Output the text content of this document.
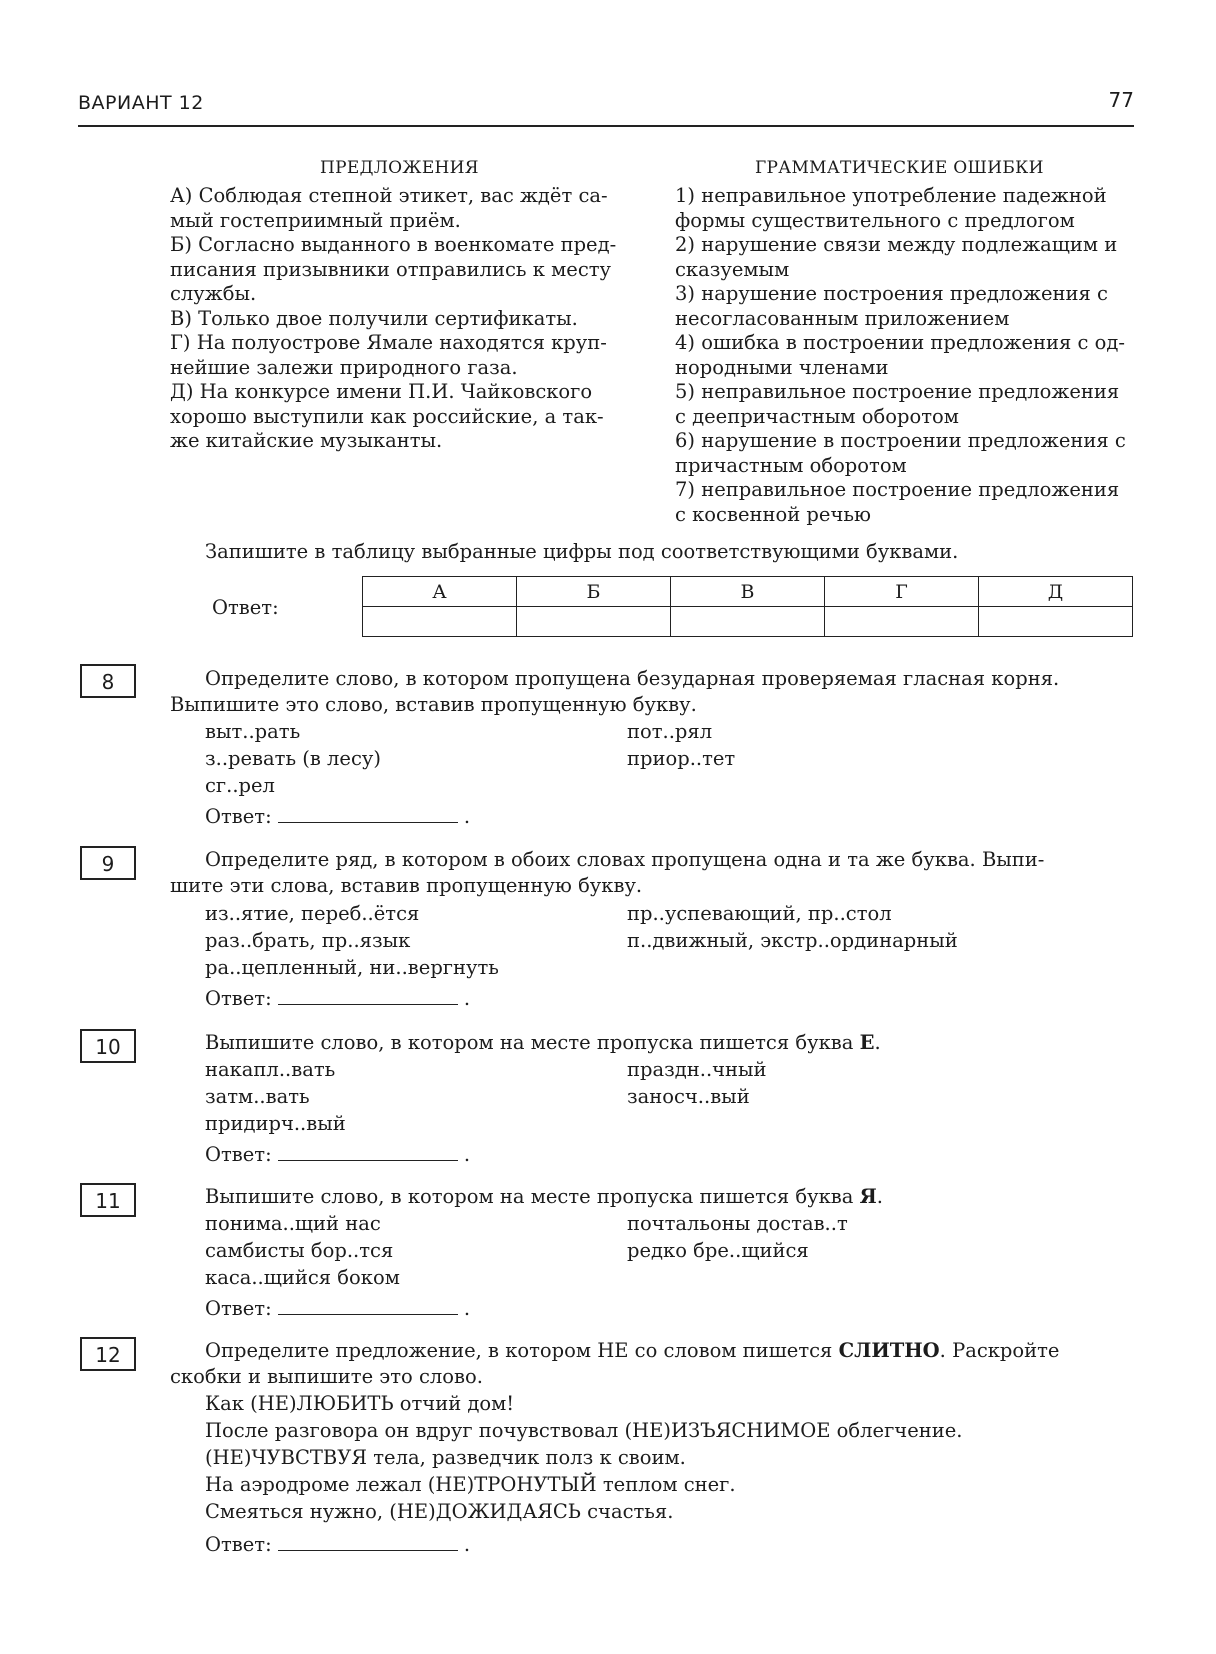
ВАРИАНТ 12	77
ПРЕДЛОЖЕНИЯ
А) Соблюдая степной этикет, вас ждёт са-
мый гостеприимный приём.
Б) Согласно выданного в военкомате пред-
писания призывники отправились к месту
службы.
В) Только двое получили сертификаты.
Г) На полуострове Ямале находятся круп-
нейшие залежи природного газа.
Д) На конкурсе имени П.И. Чайковского
хорошо выступили как российские, а так-
же китайские музыканты.
ГРАММАТИЧЕСКИЕ ОШИБКИ
1) неправильное употребление падежной
формы существительного с предлогом
2) нарушение связи между подлежащим и
сказуемым
3) нарушение построения предложения с
несогласованным приложением
4) ошибка в построении предложения с од-
нородными членами
5) неправильное построение предложения
с деепричастным оборотом
6) нарушение в построении предложения с
причастным оборотом
7) неправильное построение предложения
с косвенной речью
Запишите в таблицу выбранные цифры под соответствующими буквами.
Ответ:
А	Б	В	Г	Д

8	Определите слово, в котором пропущена безударная проверяемая гласная корня.
Выпишите это слово, вставив пропущенную букву.
выт..рать
з..ревать (в лесу)
сг..рел
пот..рял
приор..тет
Ответ:	.
9	Определите ряд, в котором в обоих словах пропущена одна и та же буква. Выпи-
шите эти слова, вставив пропущенную букву.
из..ятие, переб..ётся
раз..брать, пр..язык
ра..цепленный, ни..вергнуть
пр..успевающий, пр..стол
п..движный, экстр..ординарный
Ответ:	.
10	Выпишите слово, в котором на месте пропуска пишется буква Е.
накапл..вать
затм..вать
придирч..вый
праздн..чный
заносч..вый
Ответ:	.
11	Выпишите слово, в котором на месте пропуска пишется буква Я.
понима..щий нас
самбисты бор..тся
каса..щийся боком
почтальоны достав..т
редко бре..щийся
Ответ:	.
12	Определите предложение, в котором НЕ со словом пишется СЛИТНО. Раскройте
скобки и выпишите это слово.
Как (НЕ)ЛЮБИТЬ отчий дом!
После разговора он вдруг почувствовал (НЕ)ИЗЪЯСНИМОЕ облегчение.
(НЕ)ЧУВСТВУЯ тела, разведчик полз к своим.
На аэродроме лежал (НЕ)ТРОНУТЫЙ теплом снег.
Смеяться нужно, (НЕ)ДОЖИДАЯСЬ счастья.
Ответ:	.
